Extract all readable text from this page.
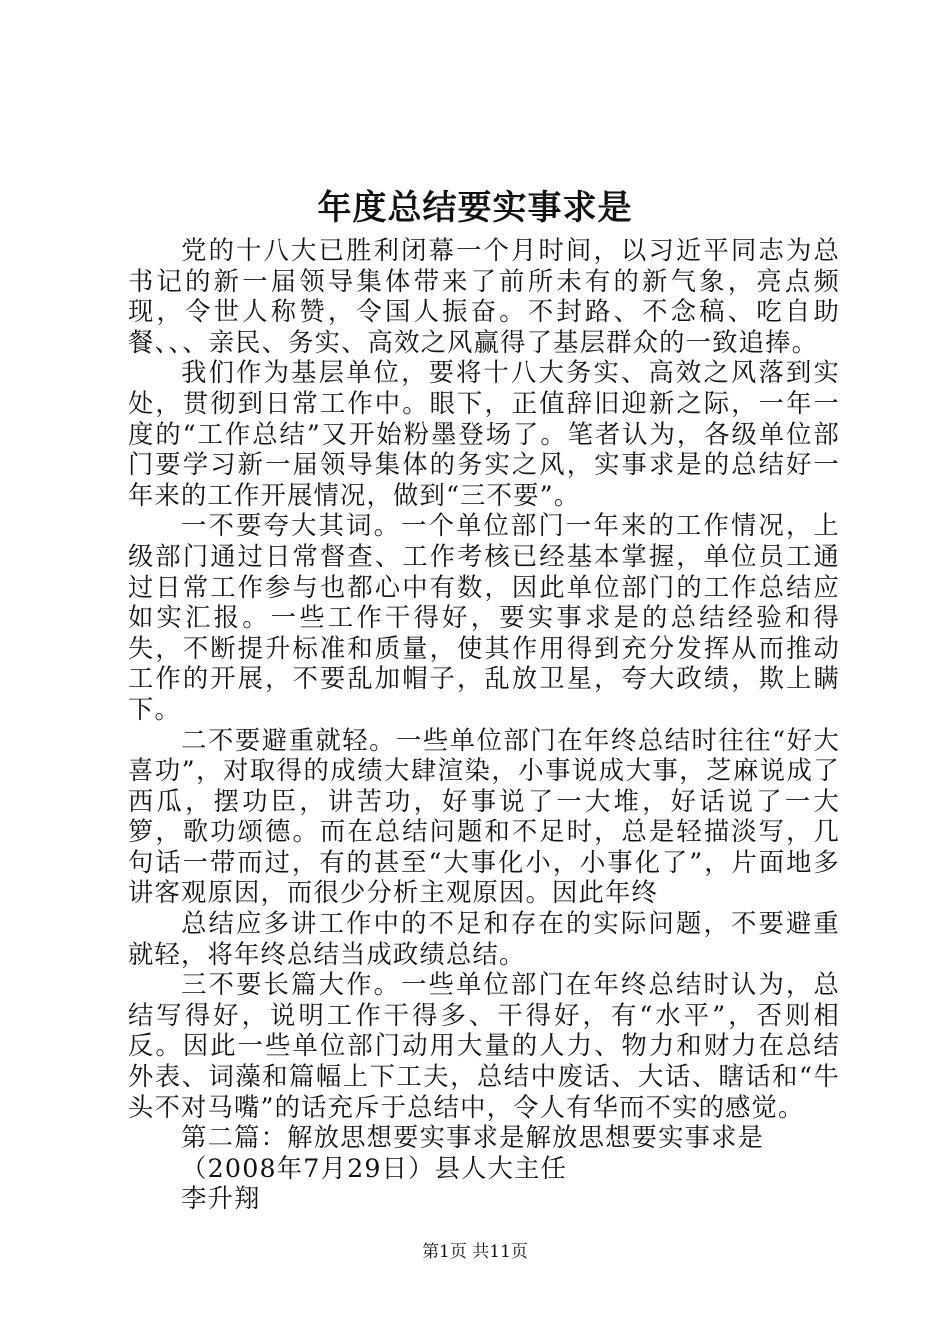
年度总结要实事求是

党的十八大已胜利闭幕一个月时间，以习近平同志为总书记的新一届领导集体带来了前所未有的新气象，亮点频现，令世人称赞，令国人振奋。不封路、不念稿、吃自助餐、、、亲民、务实、高效之风赢得了基层群众的一致追捧。

我们作为基层单位，要将十八大务实、高效之风落到实处，贯彻到日常工作中。眼下，正值辞旧迎新之际，一年一度的“工作总结”又开始粉墨登场了。笔者认为，各级单位部门要学习新一届领导集体的务实之风，实事求是的总结好一年来的工作开展情况，做到“三不要”。

一不要夸大其词。一个单位部门一年来的工作情况，上级部门通过日常督查、工作考核已经基本掌握，单位员工通过日常工作参与也都心中有数，因此单位部门的工作总结应如实汇报。一些工作干得好，要实事求是的总结经验和得失，不断提升标准和质量，使其作用得到充分发挥从而推动工作的开展，不要乱加帽子，乱放卫星，夸大政绩，欺上瞒下。

二不要避重就轻。一些单位部门在年终总结时往往“好大喜功”，对取得的成绩大肆渲染，小事说成大事，芝麻说成了西瓜，摆功臣，讲苦功，好事说了一大堆，好话说了一大箩，歌功颂德。而在总结问题和不足时，总是轻描淡写，几句话一带而过，有的甚至“大事化小，小事化了”，片面地多讲客观原因，而很少分析主观原因。因此年终

总结应多讲工作中的不足和存在的实际问题，不要避重就轻，将年终总结当成政绩总结。

三不要长篇大作。一些单位部门在年终总结时认为，总结写得好，说明工作干得多、干得好，有“水平”，否则相反。因此一些单位部门动用大量的人力、物力和财力在总结外表、词藻和篇幅上下工夫，总结中废话、大话、瞎话和“牛头不对马嘴”的话充斥于总结中，令人有华而不实的感觉。

第二篇：解放思想要实事求是解放思想要实事求是

（2008年7月29日）县人大主任

李升翔

第1页 共11页
